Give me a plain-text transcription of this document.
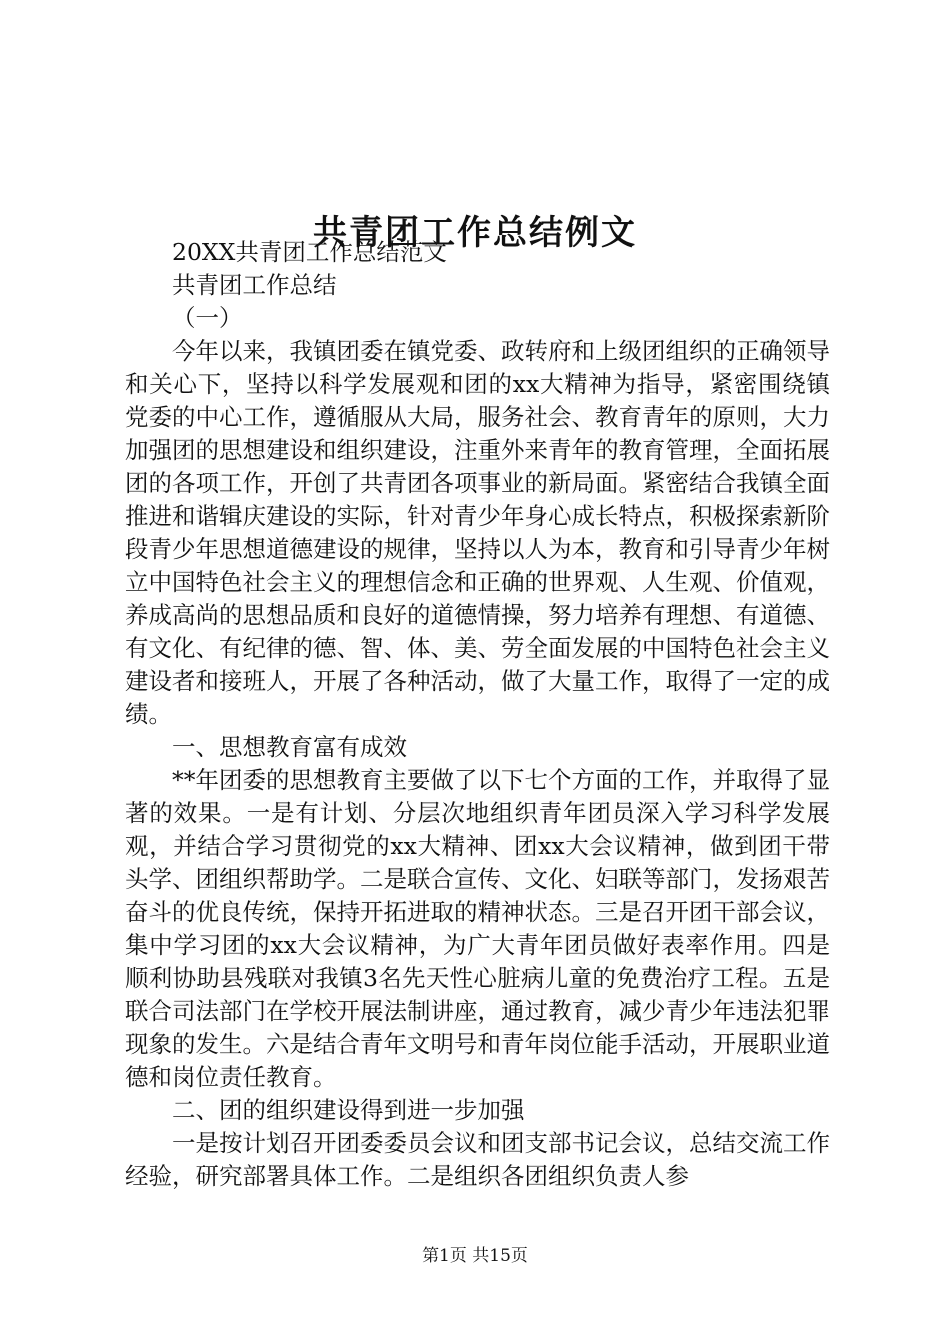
共青团工作总结例文

20XX共青团工作总结范文

共青团工作总结

（一）

今年以来，我镇团委在镇党委、政转府和上级团组织的正确领导和关心下，坚持以科学发展观和团的xx大精神为指导，紧密围绕镇党委的中心工作，遵循服从大局，服务社会、教育青年的原则，大力加强团的思想建设和组织建设，注重外来青年的教育管理，全面拓展团的各项工作，开创了共青团各项事业的新局面。紧密结合我镇全面推进和谐辑庆建设的实际，针对青少年身心成长特点，积极探索新阶段青少年思想道德建设的规律，坚持以人为本，教育和引导青少年树立中国特色社会主义的理想信念和正确的世界观、人生观、价值观，养成高尚的思想品质和良好的道德情操，努力培养有理想、有道德、有文化、有纪律的德、智、体、美、劳全面发展的中国特色社会主义建设者和接班人，开展了各种活动，做了大量工作，取得了一定的成绩。

一、思想教育富有成效

**年团委的思想教育主要做了以下七个方面的工作，并取得了显著的效果。一是有计划、分层次地组织青年团员深入学习科学发展观，并结合学习贯彻党的xx大精神、团xx大会议精神，做到团干带头学、团组织帮助学。二是联合宣传、文化、妇联等部门，发扬艰苦奋斗的优良传统，保持开拓进取的精神状态。三是召开团干部会议，集中学习团的xx大会议精神，为广大青年团员做好表率作用。四是顺利协助县残联对我镇3名先天性心脏病儿童的免费治疗工程。五是联合司法部门在学校开展法制讲座，通过教育，减少青少年违法犯罪现象的发生。六是结合青年文明号和青年岗位能手活动，开展职业道德和岗位责任教育。

二、团的组织建设得到进一步加强

一是按计划召开团委委员会议和团支部书记会议，总结交流工作经验，研究部署具体工作。二是组织各团组织负责人参

第1页 共15页
